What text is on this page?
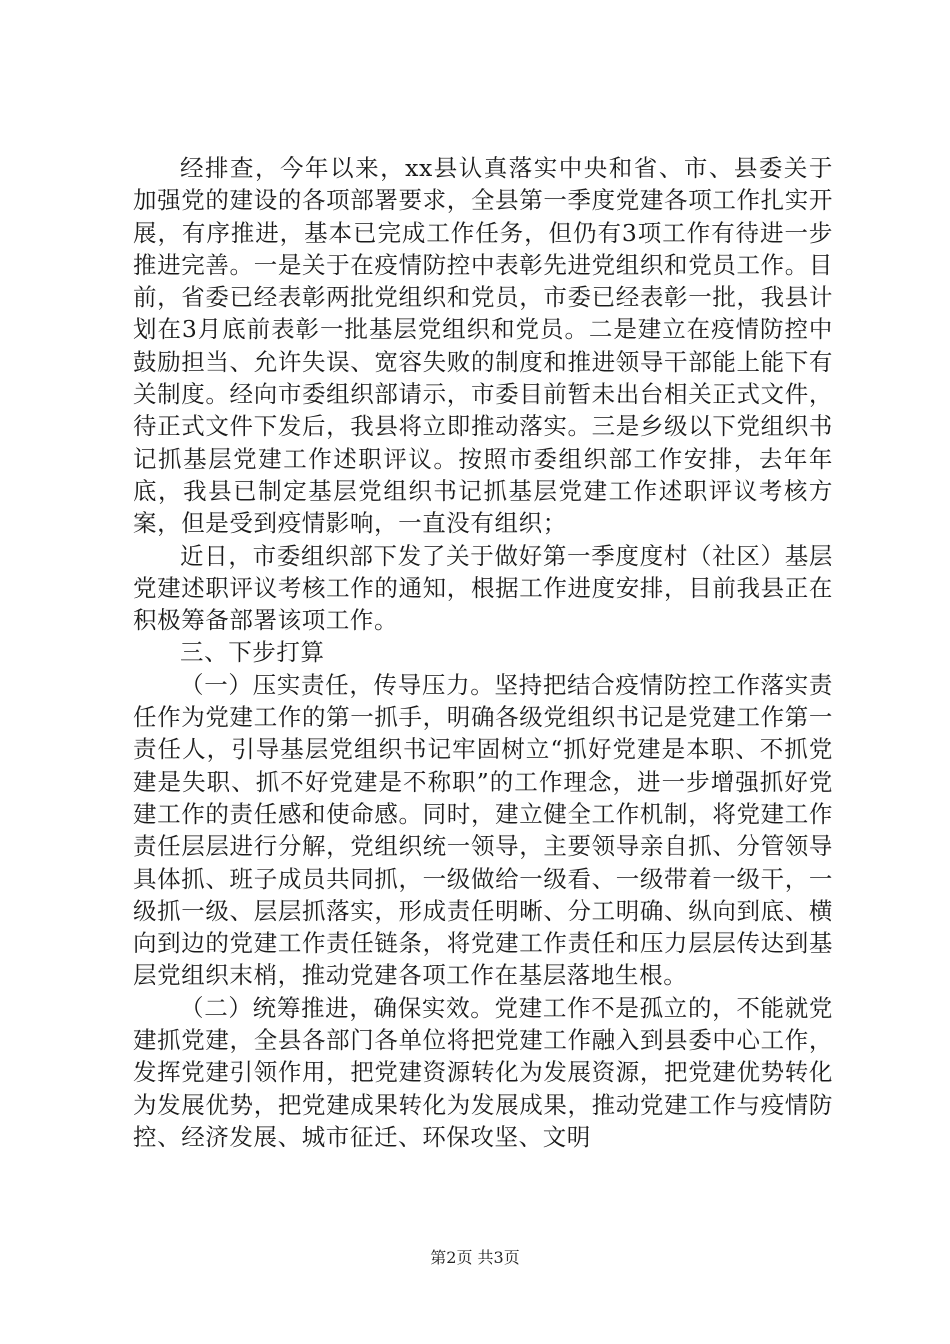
经排查，今年以来，xx县认真落实中央和省、市、县委关于加强党的建设的各项部署要求，全县第一季度党建各项工作扎实开展，有序推进，基本已完成工作任务，但仍有3项工作有待进一步推进完善。一是关于在疫情防控中表彰先进党组织和党员工作。目前，省委已经表彰两批党组织和党员，市委已经表彰一批，我县计划在3月底前表彰一批基层党组织和党员。二是建立在疫情防控中鼓励担当、允许失误、宽容失败的制度和推进领导干部能上能下有关制度。经向市委组织部请示，市委目前暂未出台相关正式文件，待正式文件下发后，我县将立即推动落实。三是乡级以下党组织书记抓基层党建工作述职评议。按照市委组织部工作安排，去年年底，我县已制定基层党组织书记抓基层党建工作述职评议考核方案，但是受到疫情影响，一直没有组织；

近日，市委组织部下发了关于做好第一季度度村（社区）基层党建述职评议考核工作的通知，根据工作进度安排，目前我县正在积极筹备部署该项工作。

三、下步打算

（一）压实责任，传导压力。坚持把结合疫情防控工作落实责任作为党建工作的第一抓手，明确各级党组织书记是党建工作第一责任人，引导基层党组织书记牢固树立“抓好党建是本职、不抓党建是失职、抓不好党建是不称职”的工作理念，进一步增强抓好党建工作的责任感和使命感。同时，建立健全工作机制，将党建工作责任层层进行分解，党组织统一领导，主要领导亲自抓、分管领导具体抓、班子成员共同抓，一级做给一级看、一级带着一级干，一级抓一级、层层抓落实，形成责任明晰、分工明确、纵向到底、横向到边的党建工作责任链条，将党建工作责任和压力层层传达到基层党组织末梢，推动党建各项工作在基层落地生根。

（二）统筹推进，确保实效。党建工作不是孤立的，不能就党建抓党建，全县各部门各单位将把党建工作融入到县委中心工作，发挥党建引领作用，把党建资源转化为发展资源，把党建优势转化为发展优势，把党建成果转化为发展成果，推动党建工作与疫情防控、经济发展、城市征迁、环保攻坚、文明

第2页 共3页
